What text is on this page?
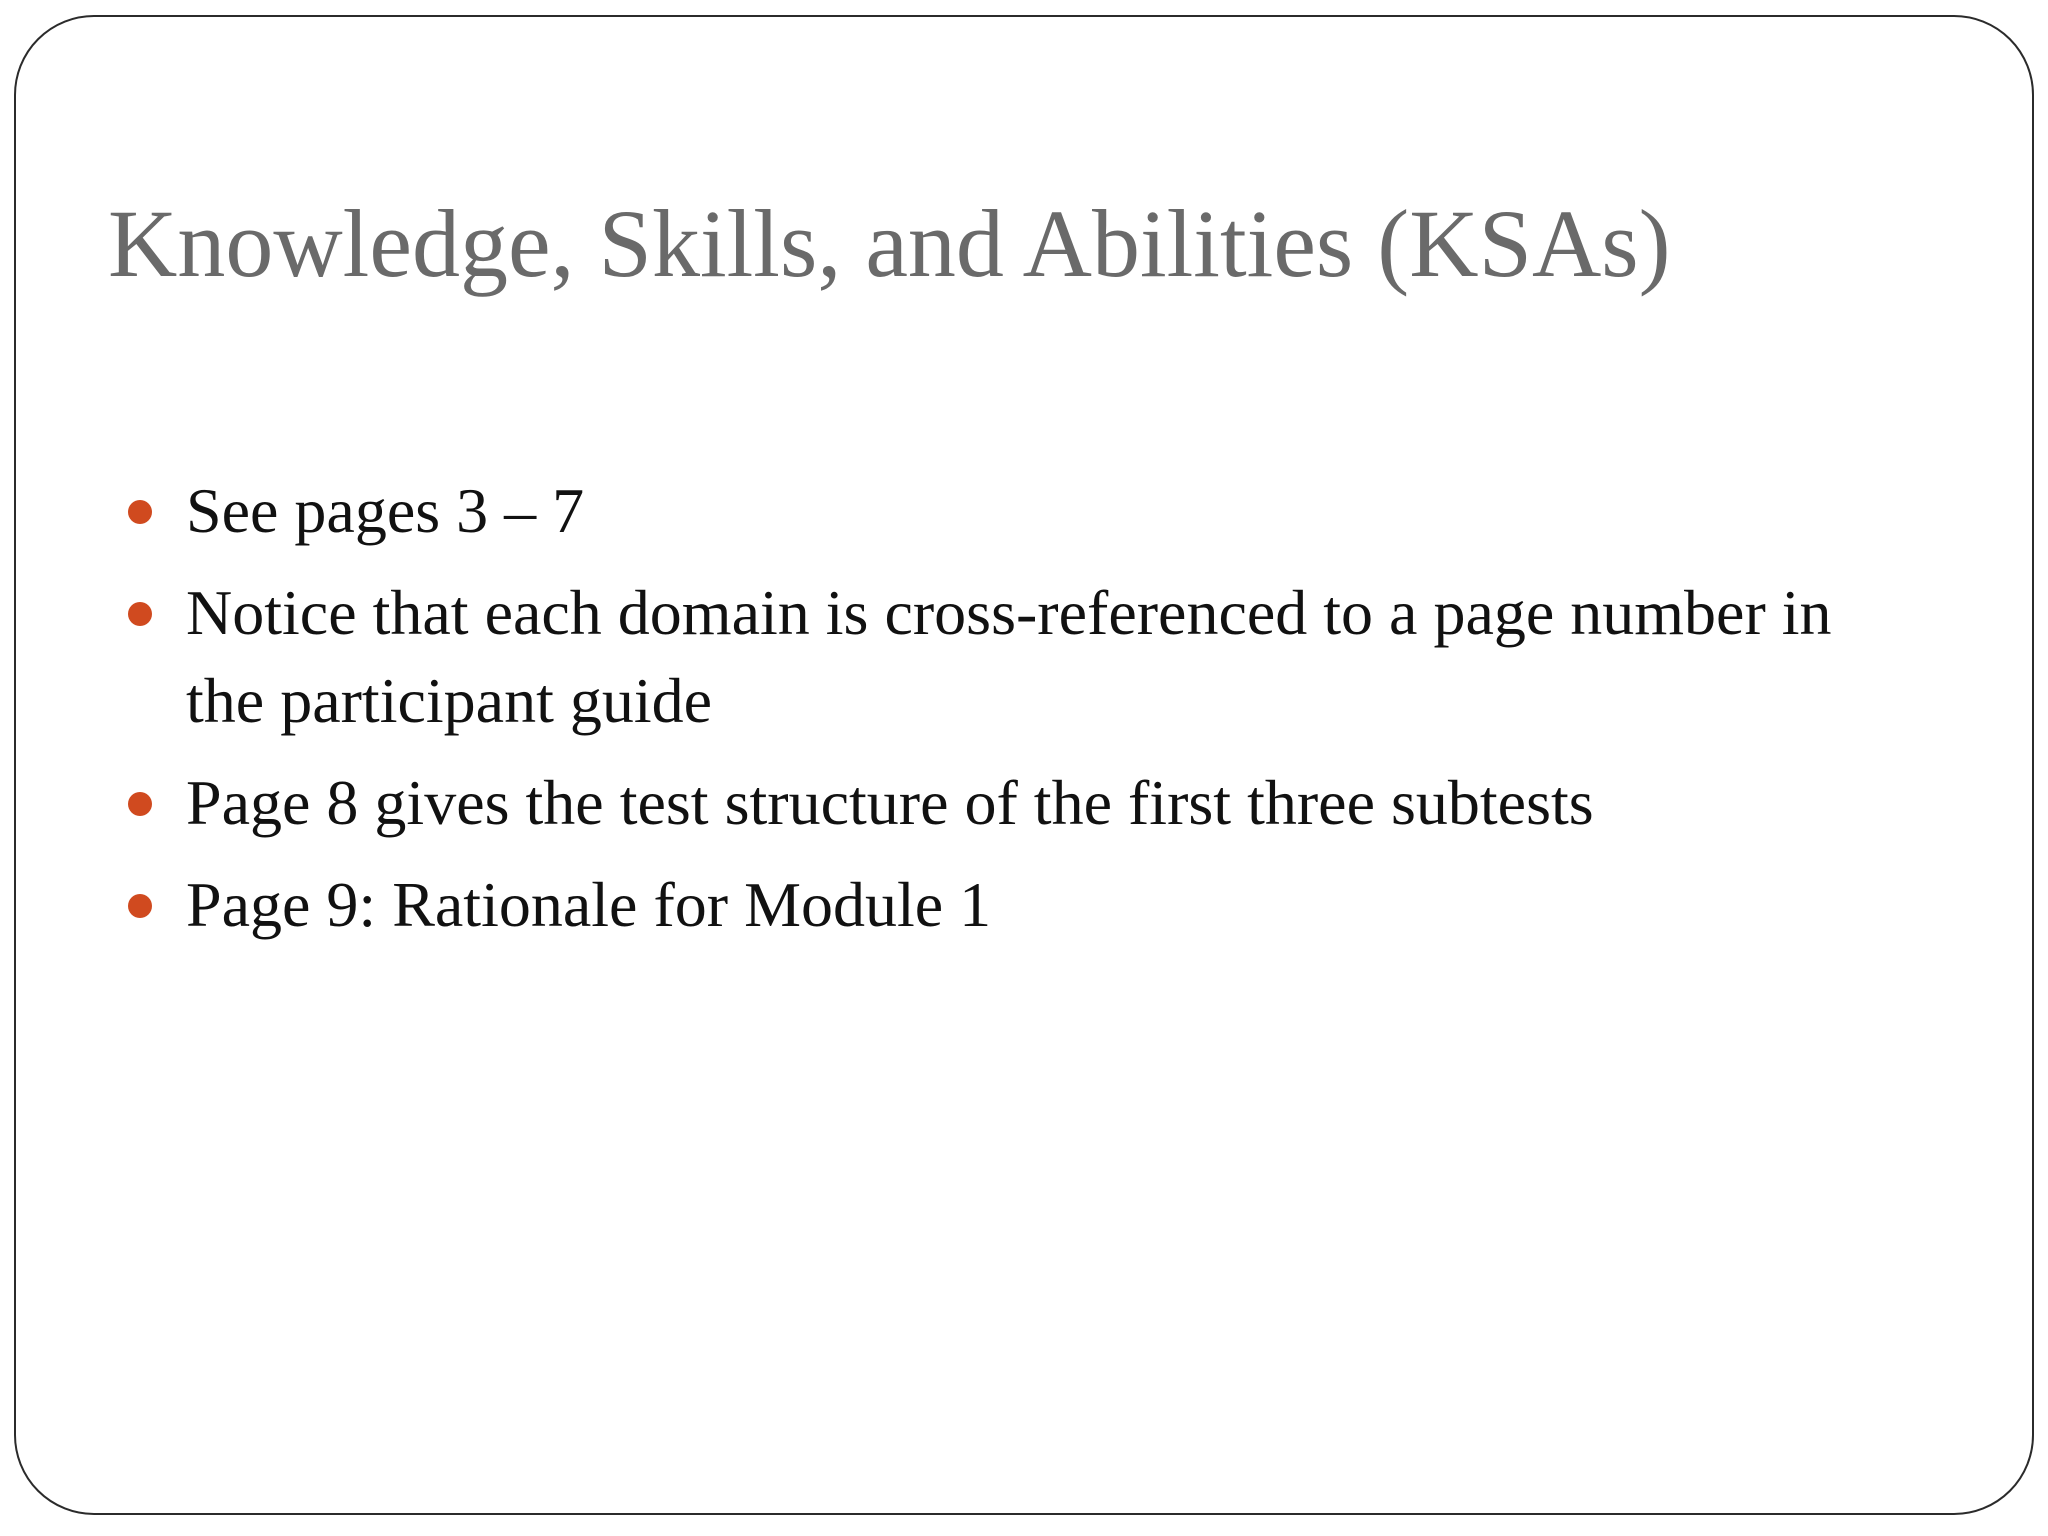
Knowledge, Skills, and Abilities (KSAs)
See pages 3 – 7
Notice that each domain is cross-referenced to a page number in the participant guide
Page 8 gives the test structure of the first three subtests
Page 9: Rationale for Module 1
